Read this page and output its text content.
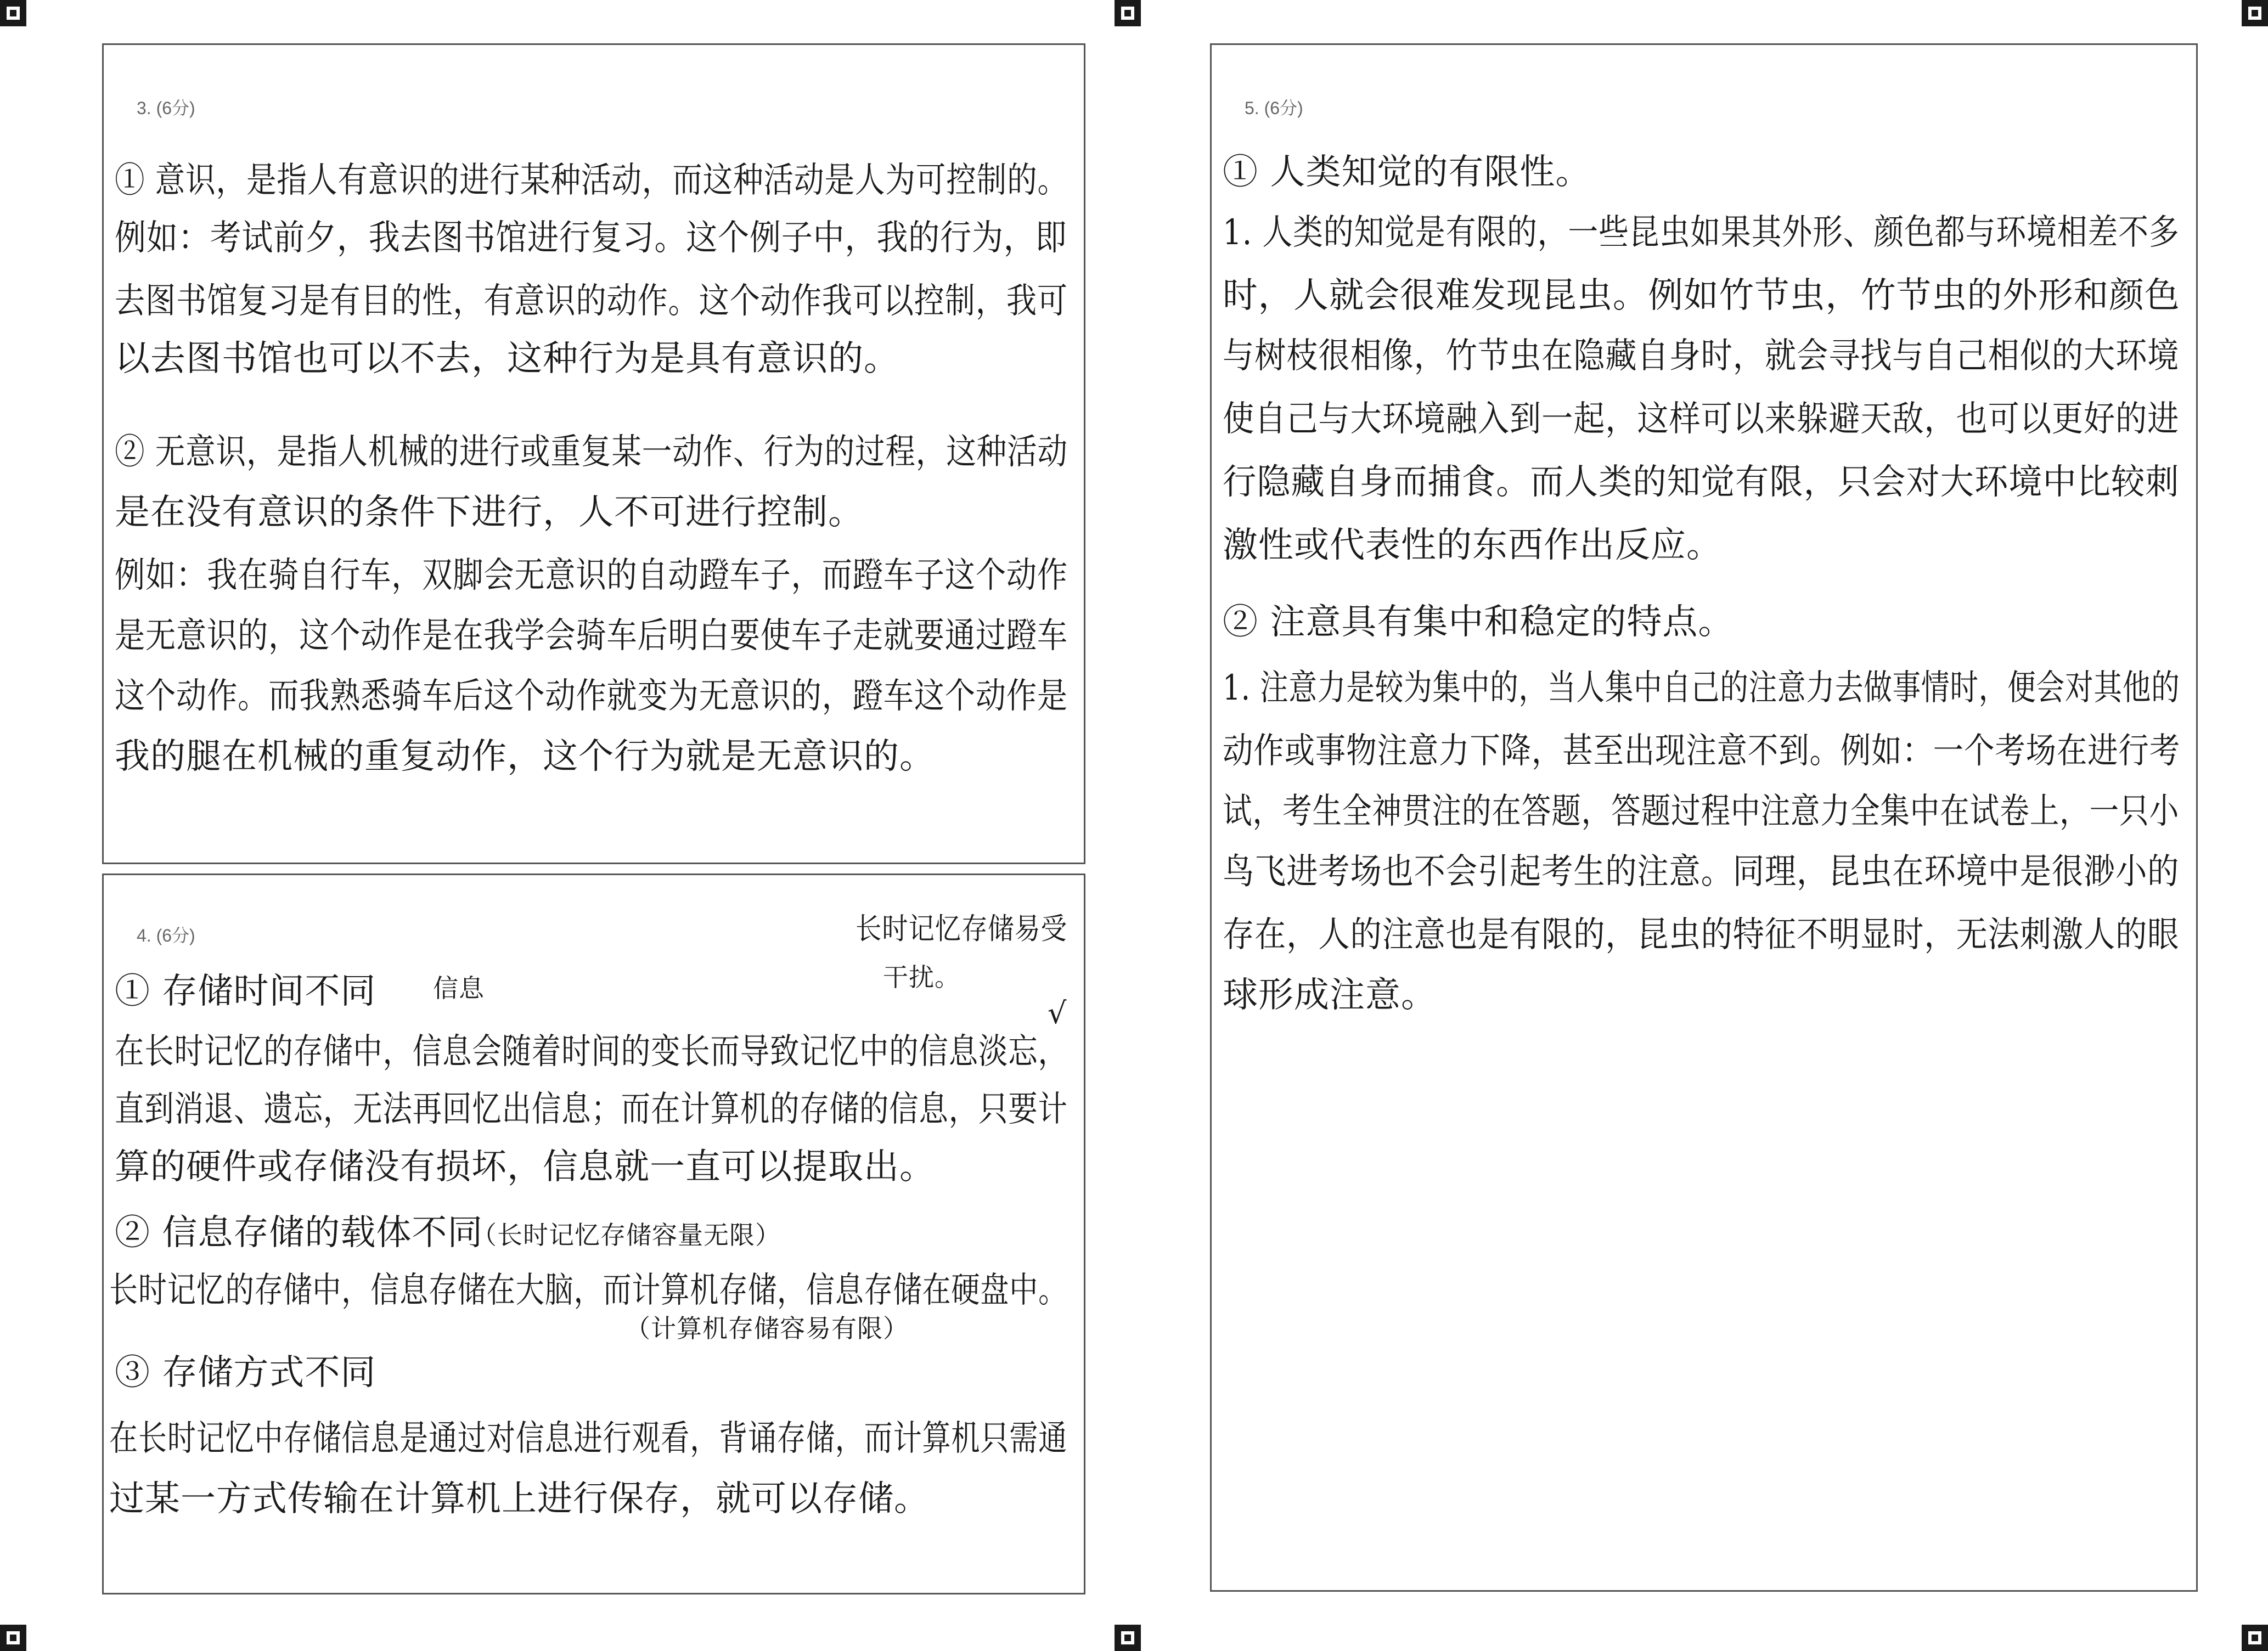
3. (6分)
① 意识，是指人有意识的进行某种活动，而这种活动是人为可控制的。
例如：考试前夕，我去图书馆进行复习。这个例子中，我的行为，即
去图书馆复习是有目的性，有意识的动作。这个动作我可以控制，我可
以去图书馆也可以不去，这种行为是具有意识的。
② 无意识，是指人机械的进行或重复某一动作、行为的过程，这种活动
是在没有意识的条件下进行，人不可进行控制。
例如：我在骑自行车，双脚会无意识的自动蹬车子，而蹬车子这个动作
是无意识的，这个动作是在我学会骑车后明白要使车子走就要通过蹬车
这个动作。而我熟悉骑车后这个动作就变为无意识的，蹬车这个动作是
我的腿在机械的重复动作，这个行为就是无意识的。
4. (6分)	长时记忆存储易受
干扰。
① 存储时间不同 信息
√
在长时记忆的存储中，信息会随着时间的变长而导致记忆中的信息淡忘，
直到消退、遗忘，无法再回忆出信息；而在计算机的存储的信息，只要计
算的硬件或存储没有损坏，信息就一直可以提取出。
② 信息存储的载体不同
（长时记忆存储容量无限）
长时记忆的存储中，信息存储在大脑，而计算机存储，信息存储在硬盘中。
（计算机存储容易有限）
③ 存储方式不同
在长时记忆中存储信息是通过对信息进行观看，背诵存储，而计算机只需通
过某一方式传输在计算机上进行保存，就可以存储。
5. (6分)
① 人类知觉的有限性。
1. 人类的知觉是有限的，一些昆虫如果其外形、颜色都与环境相差不多
时，人就会很难发现昆虫。例如竹节虫，竹节虫的外形和颜色
与树枝很相像，竹节虫在隐藏自身时，就会寻找与自己相似的大环境
使自己与大环境融入到一起，这样可以来躲避天敌，也可以更好的进
行隐藏自身而捕食。而人类的知觉有限，只会对大环境中比较刺
激性或代表性的东西作出反应。
② 注意具有集中和稳定的特点。
1. 注意力是较为集中的，当人集中自己的注意力去做事情时，便会对其他的
动作或事物注意力下降，甚至出现注意不到。例如：一个考场在进行考
试，考生全神贯注的在答题，答题过程中注意力全集中在试卷上，一只小
鸟飞进考场也不会引起考生的注意。同理，昆虫在环境中是很渺小的
存在，人的注意也是有限的，昆虫的特征不明显时，无法刺激人的眼
球形成注意。
